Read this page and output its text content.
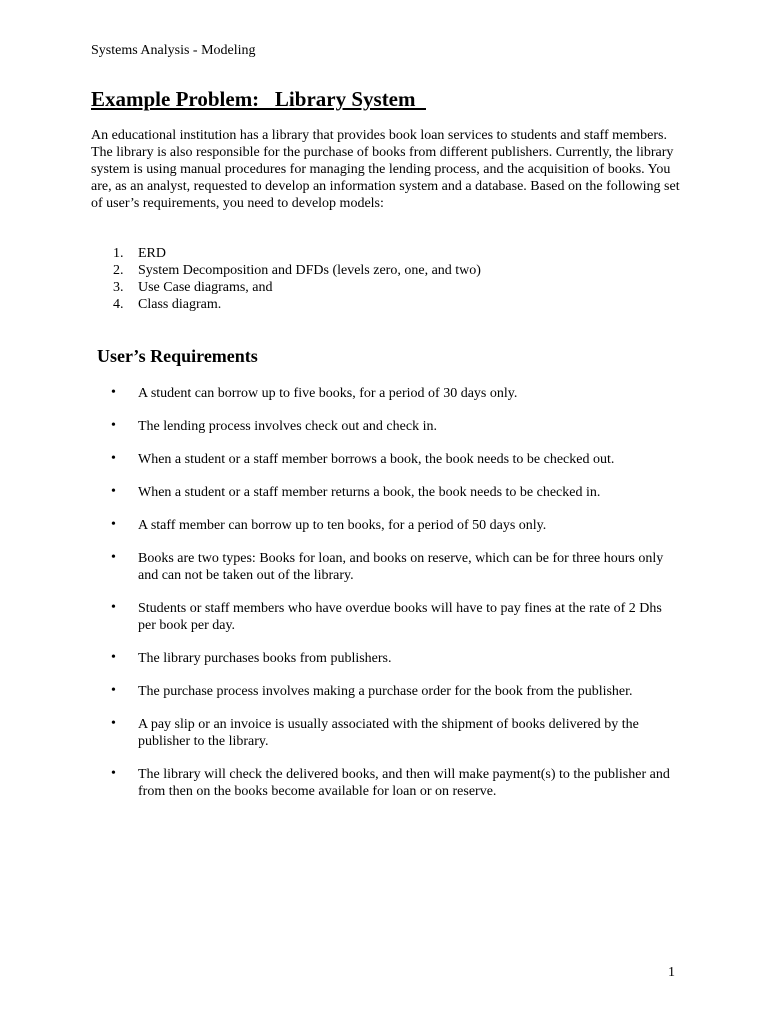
Systems Analysis - Modeling
Example Problem:   Library System

An educational institution has a library that provides book loan services to students and staff members. The library is also responsible for the purchase of books from different publishers. Currently, the library system is using manual procedures for managing the lending process, and the acquisition of books. You are, as an analyst, requested to develop an information system and a database. Based on the following set of user’s requirements, you need to develop models:

1. ERD
2. System Decomposition and DFDs (levels zero, one, and two)
3. Use Case diagrams, and
4. Class diagram.
User’s Requirements
• A student can borrow up to five books, for a period of 30 days only.
• The lending process involves check out and check in.
• When a student or a staff member borrows a book, the book needs to be checked out.
• When a student or a staff member returns a book, the book needs to be checked in.
• A staff member can borrow up to ten books, for a period of 50 days only.
• Books are two types: Books for loan, and books on reserve, which can be for three hours only and can not be taken out of the library.
• Students or staff members who have overdue books will have to pay fines at the rate of 2 Dhs per book per day.
• The library purchases books from publishers.
• The purchase process involves making a purchase order for the book from the publisher.
• A pay slip or an invoice is usually associated with the shipment of books delivered by the publisher to the library.
• The library will check the delivered books, and then will make payment(s) to the publisher and from then on the books become available for loan or on reserve.
1
